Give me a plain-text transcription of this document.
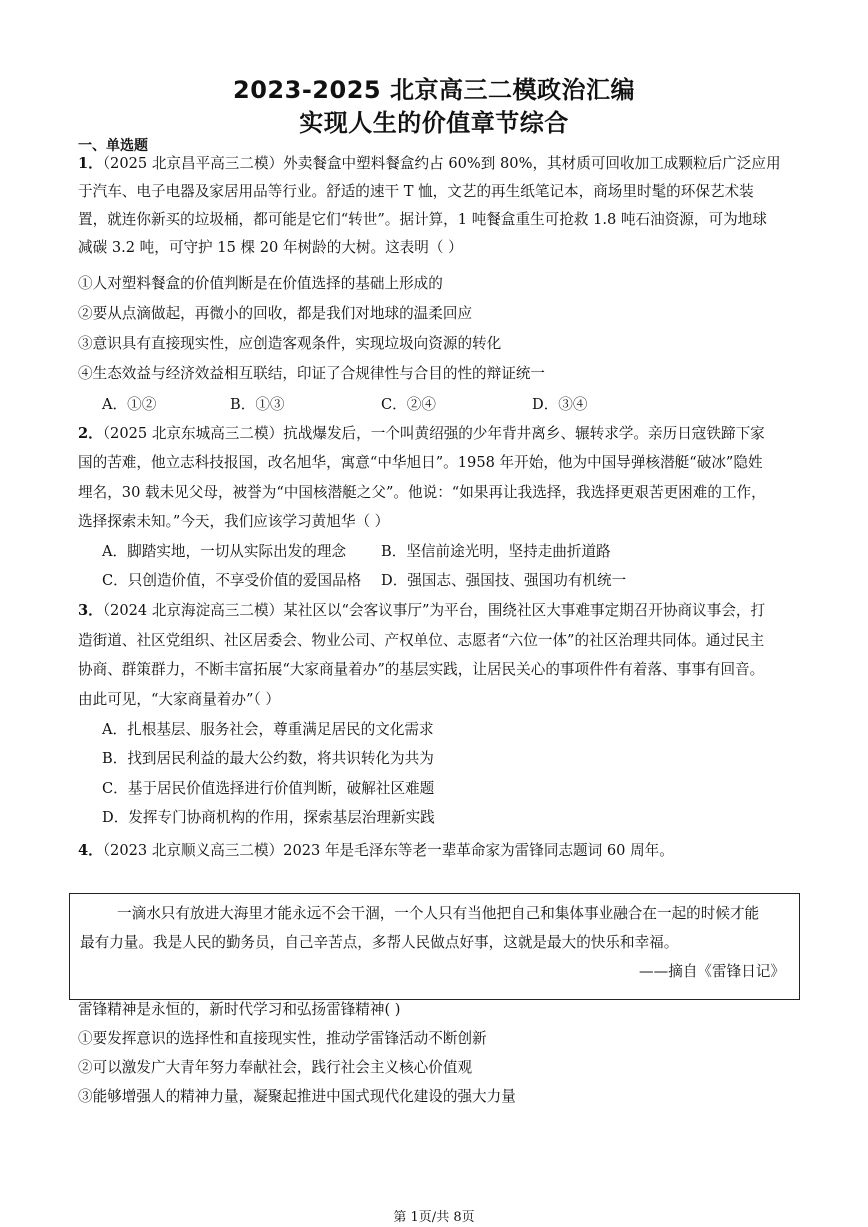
2023-2025 北京高三二模政治汇编
实现人生的价值章节综合
一、单选题
1．（2025 北京昌平高三二模）外卖餐盒中塑料餐盒约占 60%到 80%，其材质可回收加工成颗粒后广泛应用
于汽车、电子电器及家居用品等行业。舒适的速干 T 恤，文艺的再生纸笔记本，商场里时髦的环保艺术装
置，就连你新买的垃圾桶，都可能是它们“转世”。据计算，1 吨餐盒重生可抢救 1.8 吨石油资源，可为地球
减碳 3.2 吨，可守护 15 棵 20 年树龄的大树。这表明（ ）
①人对塑料餐盒的价值判断是在价值选择的基础上形成的
②要从点滴做起，再微小的回收，都是我们对地球的温柔回应
③意识具有直接现实性，应创造客观条件，实现垃圾向资源的转化
④生态效益与经济效益相互联结，印证了合规律性与合目的性的辩证统一
A．①②	B．①③	C．②④	D．③④
2．（2025 北京东城高三二模）抗战爆发后，一个叫黄绍强的少年背井离乡、辗转求学。亲历日寇铁蹄下家
国的苦难，他立志科技报国，改名旭华，寓意“中华旭日”。1958 年开始，他为中国导弹核潜艇“破冰”隐姓
埋名，30 载未见父母，被誉为“中国核潜艇之父”。他说：“如果再让我选择，我选择更艰苦更困难的工作，
选择探索未知。”今天，我们应该学习黄旭华（ ）
A．脚踏实地，一切从实际出发的理念 B．坚信前途光明，坚持走曲折道路
C．只创造价值，不享受价值的爱国品格 D．强国志、强国技、强国功有机统一
3．（2024 北京海淀高三二模）某社区以“会客议事厅”为平台，围绕社区大事难事定期召开协商议事会，打
造街道、社区党组织、社区居委会、物业公司、产权单位、志愿者“六位一体”的社区治理共同体。通过民主
协商、群策群力，不断丰富拓展“大家商量着办”的基层实践，让居民关心的事项件件有着落、事事有回音。
由此可见，“大家商量着办”（ ）
A．扎根基层、服务社会，尊重满足居民的文化需求
B．找到居民利益的最大公约数，将共识转化为共为
C．基于居民价值选择进行价值判断，破解社区难题
D．发挥专门协商机构的作用，探索基层治理新实践
4．（2023 北京顺义高三二模）2023 年是毛泽东等老一辈革命家为雷锋同志题词 60 周年。
一滴水只有放进大海里才能永远不会干涸，一个人只有当他把自己和集体事业融合在一起的时候才能
最有力量。我是人民的勤务员，自己辛苦点，多帮人民做点好事，这就是最大的快乐和幸福。
——摘自《雷锋日记》
雷锋精神是永恒的，新时代学习和弘扬雷锋精神( )
①要发挥意识的选择性和直接现实性，推动学雷锋活动不断创新
②可以激发广大青年努力奉献社会，践行社会主义核心价值观
③能够增强人的精神力量，凝聚起推进中国式现代化建设的强大力量
第 1页/共 8页
